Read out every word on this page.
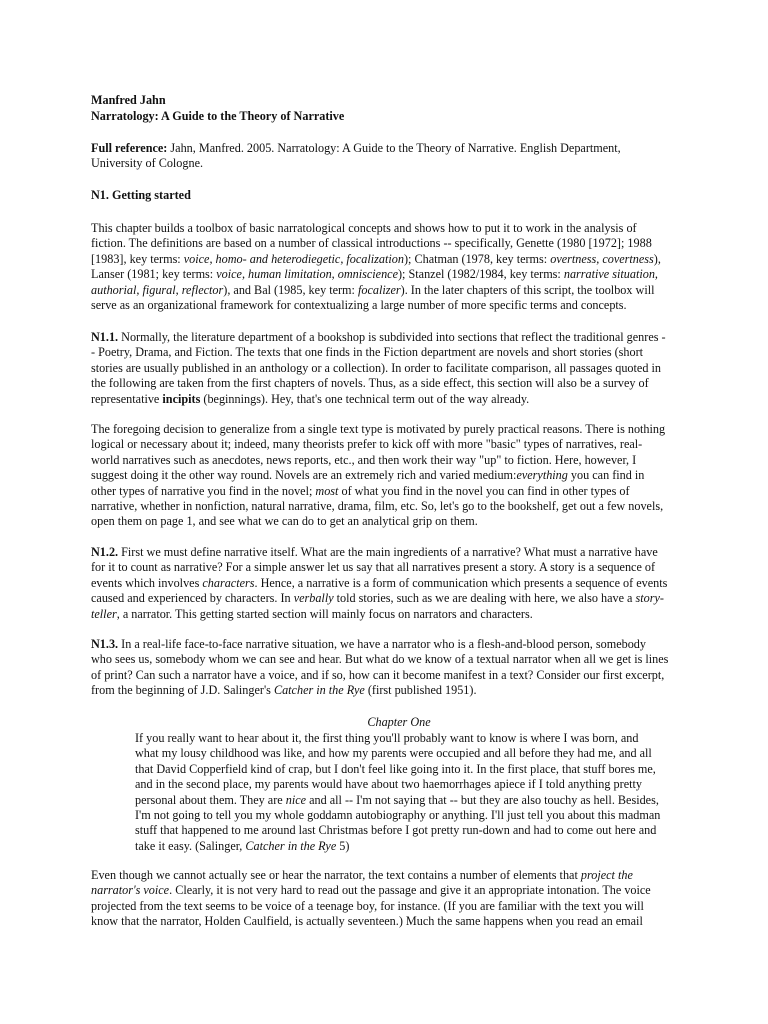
Manfred Jahn

Narratology: A Guide to the Theory of Narrative

Full reference: Jahn, Manfred. 2005. Narratology: A Guide to the Theory of Narrative. English Department,

University of Cologne.

N1. Getting started

This chapter builds a toolbox of basic narratological concepts and shows how to put it to work in the analysis of fiction. The definitions are based on a number of classical introductions -- specifically, Genette (1980 [1972]; 1988 [1983], key terms: voice, homo- and heterodiegetic, focalization); Chatman (1978, key terms: overtness, covertness), Lanser (1981; key terms: voice, human limitation, omniscience); Stanzel (1982/1984, key terms: narrative situation, authorial, figural, reflector), and Bal (1985, key term: focalizer). In the later chapters of this script, the toolbox will serve as an organizational framework for contextualizing a large number of more specific terms and concepts.

N1.1. Normally, the literature department of a bookshop is subdivided into sections that reflect the traditional genres -- Poetry, Drama, and Fiction. The texts that one finds in the Fiction department are novels and short stories (short stories are usually published in an anthology or a collection). In order to facilitate comparison, all passages quoted in the following are taken from the first chapters of novels. Thus, as a side effect, this section will also be a survey of representative incipits (beginnings). Hey, that's one technical term out of the way already.

The foregoing decision to generalize from a single text type is motivated by purely practical reasons. There is nothing logical or necessary about it; indeed, many theorists prefer to kick off with more "basic" types of narratives, real-world narratives such as anecdotes, news reports, etc., and then work their way "up" to fiction. Here, however, I suggest doing it the other way round. Novels are an extremely rich and varied medium:everything you can find in other types of narrative you find in the novel; most of what you find in the novel you can find in other types of narrative, whether in nonfiction, natural narrative, drama, film, etc. So, let's go to the bookshelf, get out a few novels, open them on page 1, and see what we can do to get an analytical grip on them.

N1.2. First we must define narrative itself. What are the main ingredients of a narrative? What must a narrative have for it to count as narrative? For a simple answer let us say that all narratives present a story. A story is a sequence of events which involves characters. Hence, a narrative is a form of communication which presents a sequence of events caused and experienced by characters. In verbally told stories, such as we are dealing with here, we also have a story-teller, a narrator. This getting started section will mainly focus on narrators and characters.

N1.3. In a real-life face-to-face narrative situation, we have a narrator who is a flesh-and-blood person, somebody who sees us, somebody whom we can see and hear. But what do we know of a textual narrator when all we get is lines of print? Can such a narrator have a voice, and if so, how can it become manifest in a text? Consider our first excerpt, from the beginning of J.D. Salinger's Catcher in the Rye (first published 1951).

Chapter One

If you really want to hear about it, the first thing you'll probably want to know is where I was born, and what my lousy childhood was like, and how my parents were occupied and all before they had me, and all that David Copperfield kind of crap, but I don't feel like going into it. In the first place, that stuff bores me, and in the second place, my parents would have about two haemorrhages apiece if I told anything pretty personal about them. They are nice and all -- I'm not saying that -- but they are also touchy as hell. Besides, I'm not going to tell you my whole goddamn autobiography or anything. I'll just tell you about this madman stuff that happened to me around last Christmas before I got pretty run-down and had to come out here and take it easy. (Salinger, Catcher in the Rye 5)

Even though we cannot actually see or hear the narrator, the text contains a number of elements that project the narrator's voice. Clearly, it is not very hard to read out the passage and give it an appropriate intonation. The voice projected from the text seems to be voice of a teenage boy, for instance. (If you are familiar with the text you will know that the narrator, Holden Caulfield, is actually seventeen.) Much the same happens when you read an email
